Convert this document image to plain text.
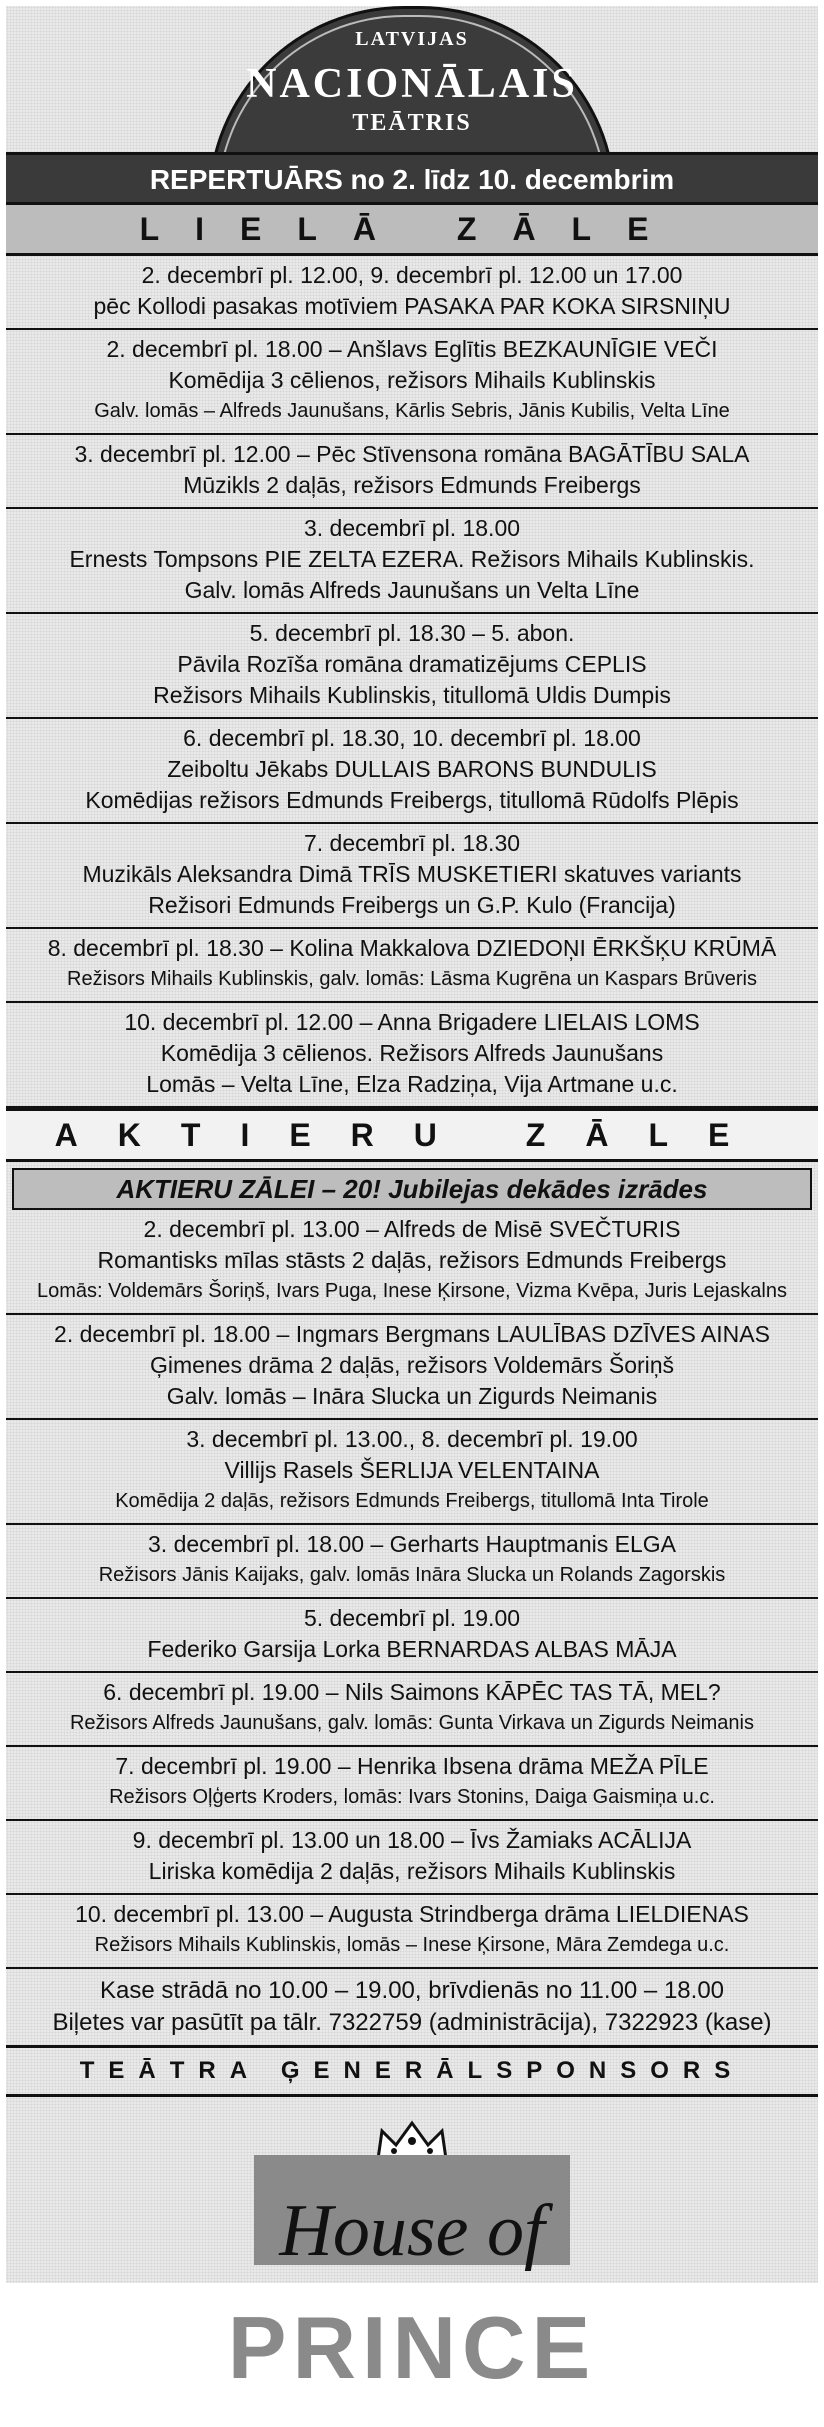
LATVIJAS
NACIONĀLAIS
TEĀTRIS
REPERTUĀRS no 2. līdz 10. decembrim
LIELĀ ZĀLE
2. decembrī pl. 12.00, 9. decembrī pl. 12.00 un 17.00
pēc Kollodi pasakas motīviem PASAKA PAR KOKA SIRSNIŅU
2. decembrī pl. 18.00 – Anšlavs Eglītis BEZKAUNĪGIE VEČI
Komēdija 3 cēlienos, režisors Mihails Kublinskis
Galv. lomās – Alfreds Jaunušans, Kārlis Sebris, Jānis Kubilis, Velta Līne
3. decembrī pl. 12.00 – Pēc Stīvensona romāna BAGĀTĪBU SALA
Mūzikls 2 daļās, režisors Edmunds Freibergs
3. decembrī pl. 18.00
Ernests Tompsons PIE ZELTA EZERA. Režisors Mihails Kublinskis.
Galv. lomās Alfreds Jaunušans un Velta Līne
5. decembrī pl. 18.30 – 5. abon.
Pāvila Rozīša romāna dramatizējums CEPLIS
Režisors Mihails Kublinskis, titullomā Uldis Dumpis
6. decembrī pl. 18.30, 10. decembrī pl. 18.00
Zeiboltu Jēkabs DULLAIS BARONS BUNDULIS
Komēdijas režisors Edmunds Freibergs, titullomā Rūdolfs Plēpis
7. decembrī pl. 18.30
Muzikāls Aleksandra Dimā TRĪS MUSKETIERI skatuves variants
Režisori Edmunds Freibergs un G.P. Kulo (Francija)
8. decembrī pl. 18.30 – Kolina Makkalova DZIEDOŅI ĒRKŠĶU KRŪMĀ
Režisors Mihails Kublinskis, galv. lomās: Lāsma Kugrēna un Kaspars Brūveris
10. decembrī pl. 12.00 – Anna Brigadere LIELAIS LOMS
Komēdija 3 cēlienos. Režisors Alfreds Jaunušans
Lomās – Velta Līne, Elza Radziņa, Vija Artmane u.c.
AKTIERU ZĀLE
AKTIERU ZĀLEI – 20! Jubilejas dekādes izrādes
2. decembrī pl. 13.00 – Alfreds de Misē SVEČTURIS
Romantisks mīlas stāsts 2 daļās, režisors Edmunds Freibergs
Lomās: Voldemārs Šoriņš, Ivars Puga, Inese Ķirsone, Vizma Kvēpa, Juris Lejaskalns
2. decembrī pl. 18.00 – Ingmars Bergmans LAULĪBAS DZĪVES AINAS
Ģimenes drāma 2 daļās, režisors Voldemārs Šoriņš
Galv. lomās – Ināra Slucka un Zigurds Neimanis
3. decembrī pl. 13.00., 8. decembrī pl. 19.00
Villijs Rasels ŠERLIJA VELENTAINA
Komēdija 2 daļās, režisors Edmunds Freibergs, titullomā Inta Tirole
3. decembrī pl. 18.00 – Gerharts Hauptmanis ELGA
Režisors Jānis Kaijaks, galv. lomās Ināra Slucka un Rolands Zagorskis
5. decembrī pl. 19.00
Federiko Garsija Lorka BERNARDAS ALBAS MĀJA
6. decembrī pl. 19.00 – Nils Saimons KĀPĒC TAS TĀ, MEL?
Režisors Alfreds Jaunušans, galv. lomās: Gunta Virkava un Zigurds Neimanis
7. decembrī pl. 19.00 – Henrika Ibsena drāma MEŽA PĪLE
Režisors Oļģerts Kroders, lomās: Ivars Stonins, Daiga Gaismiņa u.c.
9. decembrī pl. 13.00 un 18.00 – Īvs Žamiaks ACĀLIJA
Liriska komēdija 2 daļās, režisors Mihails Kublinskis
10. decembrī pl. 13.00 – Augusta Strindberga drāma LIELDIENAS
Režisors Mihails Kublinskis, lomās – Inese Ķirsone, Māra Zemdega u.c.
Kase strādā no 10.00 – 19.00, brīvdienās no 11.00 – 18.00
Biļetes var pasūtīt pa tālr. 7322759 (administrācija), 7322923 (kase)
TEĀTRA ĢENERĀLSPONSORS
House of
PRINCE
